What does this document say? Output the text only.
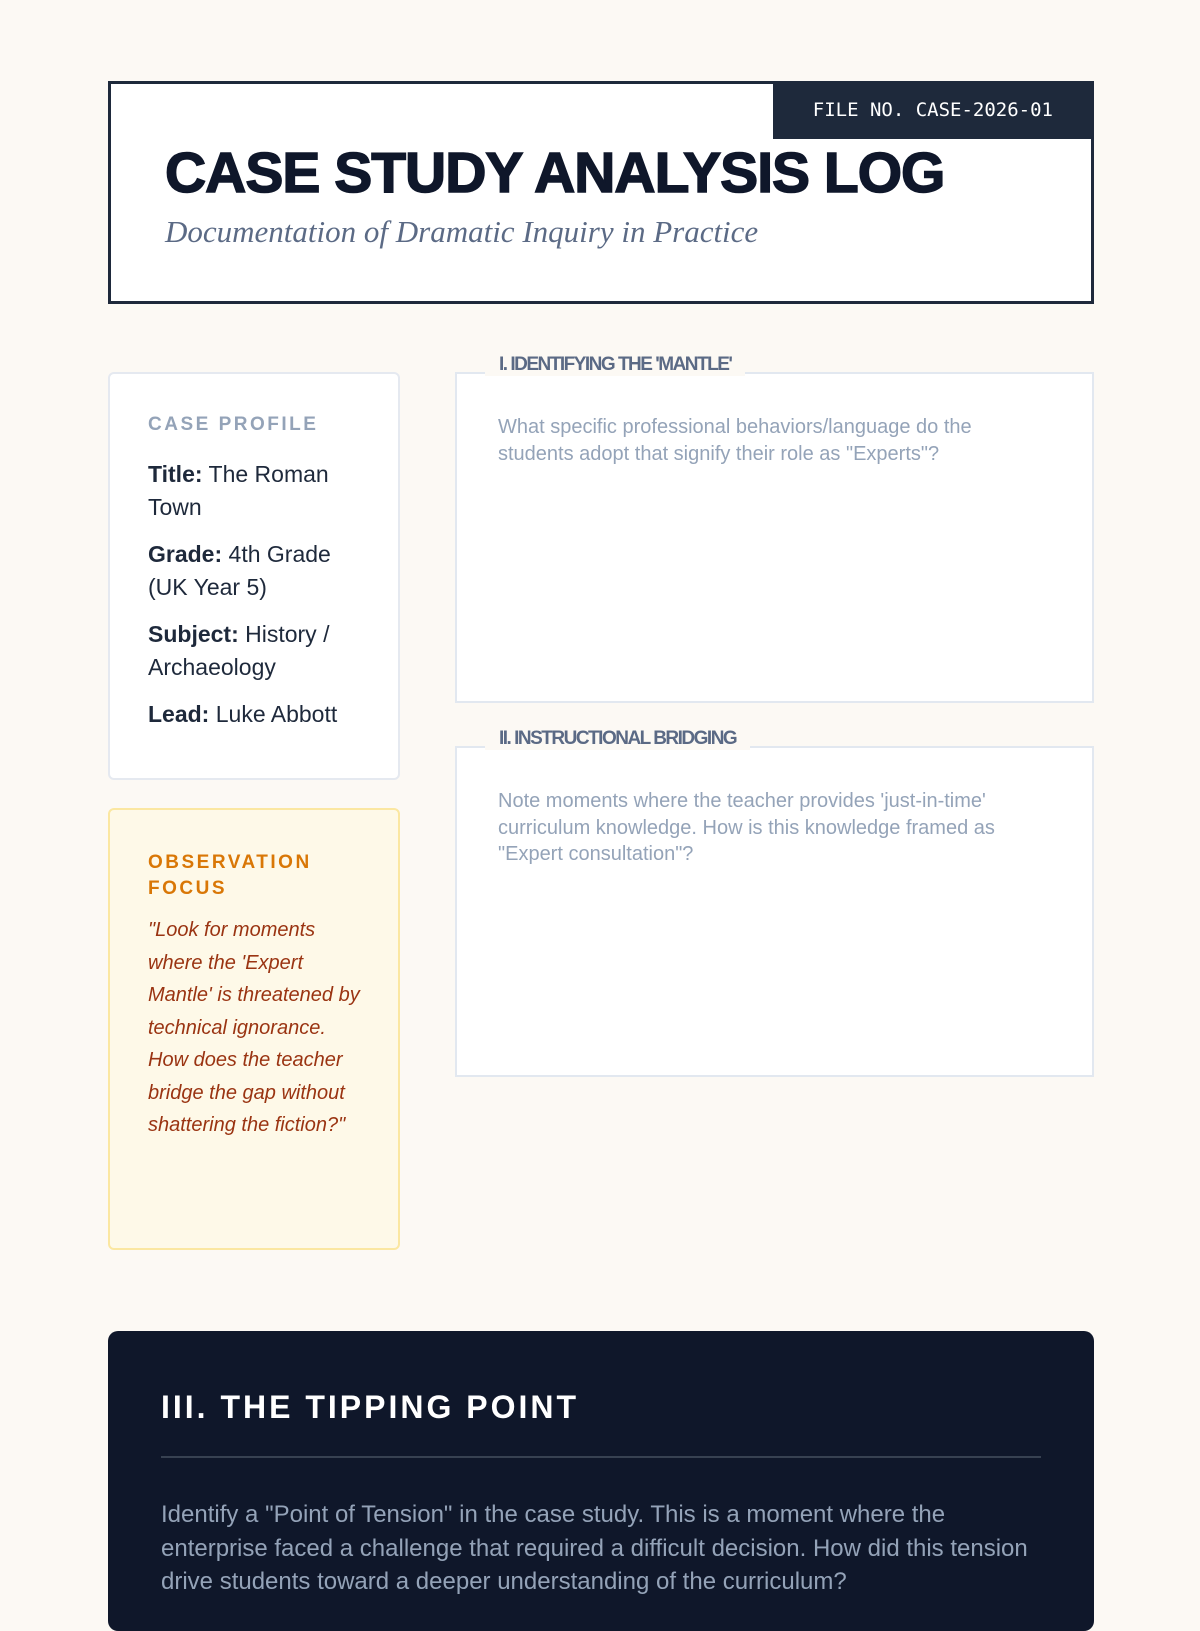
FILE NO. CASE-2026-01
CASE STUDY ANALYSIS LOG
Documentation of Dramatic Inquiry in Practice
CASE PROFILE
Title: The Roman Town
Grade: 4th Grade (UK Year 5)
Subject: History / Archaeology
Lead: Luke Abbott
OBSERVATION FOCUS
"Look for moments where the 'Expert Mantle' is threatened by technical ignorance. How does the teacher bridge the gap without shattering the fiction?"
I. IDENTIFYING THE 'MANTLE'
What specific professional behaviors/language do the students adopt that signify their role as "Experts"?
II. INSTRUCTIONAL BRIDGING
Note moments where the teacher provides 'just-in-time' curriculum knowledge. How is this knowledge framed as "Expert consultation"?
III. THE TIPPING POINT
Identify a "Point of Tension" in the case study. This is a moment where the enterprise faced a challenge that required a difficult decision. How did this tension drive students toward a deeper understanding of the curriculum?
